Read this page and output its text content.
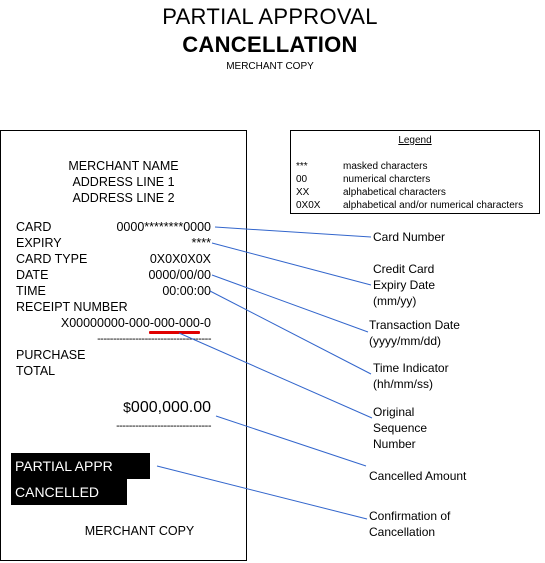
PARTIAL APPROVAL
CANCELLATION
MERCHANT COPY
MERCHANT NAME
ADDRESS LINE 1
ADDRESS LINE 2
CARD	0000********0000
EXPIRY	****
CARD TYPE	0X0X0X0X
DATE	0000/00/00
TIME	00:00:00
RECEIPT NUMBER
X00000000-000-000-000-0
------------------------------------
PURCHASE
TOTAL
$000,000.00
------------------------------
PARTIAL APPR
CANCELLED
MERCHANT COPY
Legend
***	masked characters
00	numerical charcters
XX	alphabetical characters
0X0X alphabetical and/or numerical characters
Card Number
Credit Card
Expiry Date
(mm/yy)
Transaction Date
(yyyy/mm/dd)
Time Indicator
(hh/mm/ss)
Original
Sequence
Number
Cancelled Amount
Confirmation of
Cancellation
